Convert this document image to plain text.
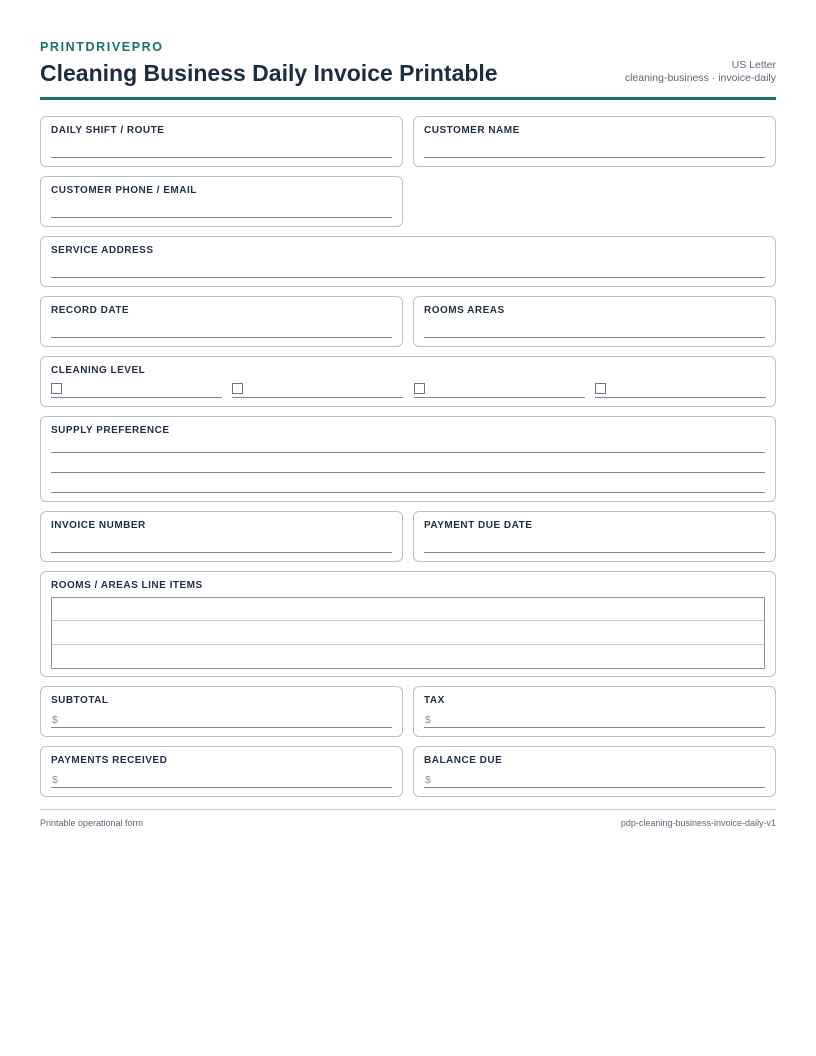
PRINTDRIVEPRO
Cleaning Business Daily Invoice Printable	US Letter
cleaning-business · invoice-daily
DAILY SHIFT / ROUTE	CUSTOMER NAME
CUSTOMER PHONE / EMAIL
SERVICE ADDRESS
RECORD DATE	ROOMS AREAS
CLEANING LEVEL
SUPPLY PREFERENCE
INVOICE NUMBER	PAYMENT DUE DATE
ROOMS / AREAS LINE ITEMS
SUBTOTAL
$
TAX
$
PAYMENTS RECEIVED
$
BALANCE DUE
$
Printable operational form	pdp-cleaning-business-invoice-daily-v1
